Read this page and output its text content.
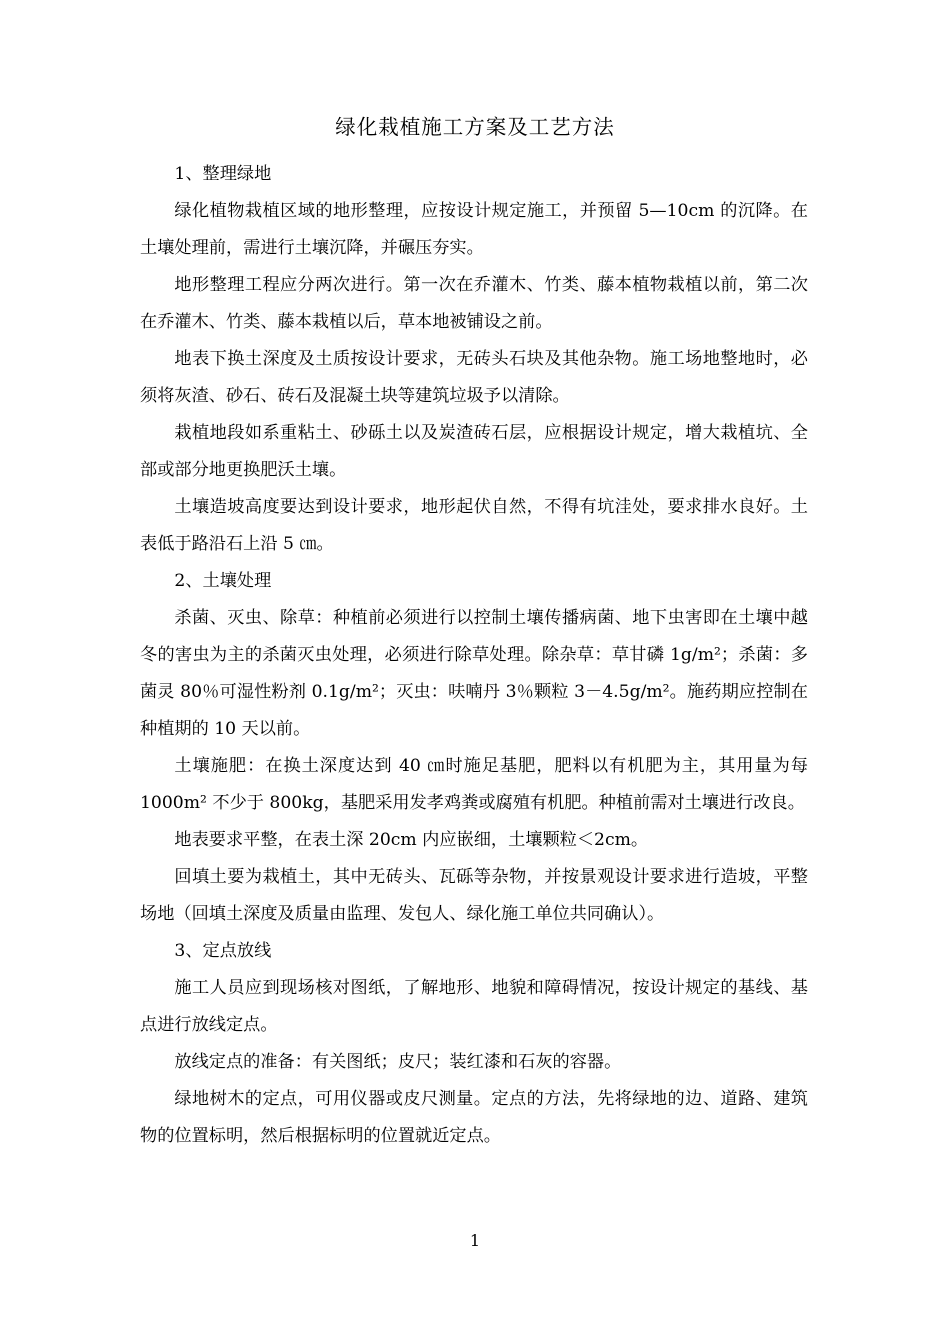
绿化栽植施工方案及工艺方法

1、整理绿地

绿化植物栽植区域的地形整理，应按设计规定施工，并预留 5—10cm 的沉降。在土壤处理前，需进行土壤沉降，并碾压夯实。

地形整理工程应分两次进行。第一次在乔灌木、竹类、藤本植物栽植以前，第二次在乔灌木、竹类、藤本栽植以后，草本地被铺设之前。

地表下换土深度及土质按设计要求，无砖头石块及其他杂物。施工场地整地时，必须将灰渣、砂石、砖石及混凝土块等建筑垃圾予以清除。

栽植地段如系重粘土、砂砾土以及炭渣砖石层，应根据设计规定，增大栽植坑、全部或部分地更换肥沃土壤。

土壤造坡高度要达到设计要求，地形起伏自然，不得有坑洼处，要求排水良好。土表低于路沿石上沿 5 ㎝。

2、土壤处理

杀菌、灭虫、除草：种植前必须进行以控制土壤传播病菌、地下虫害即在土壤中越冬的害虫为主的杀菌灭虫处理，必须进行除草处理。除杂草：草甘磷 1g/m²；杀菌：多菌灵 80％可湿性粉剂 0.1g/m²；灭虫：呋喃丹 3％颗粒 3－4.5g/m²。施药期应控制在种植期的 10 天以前。

土壤施肥：在换土深度达到 40 ㎝时施足基肥，肥料以有机肥为主，其用量为每 1000m² 不少于 800kg，基肥采用发孝鸡粪或腐殖有机肥。种植前需对土壤进行改良。

地表要求平整，在表土深 20cm 内应嵌细，土壤颗粒＜2cm。

回填土要为栽植土，其中无砖头、瓦砾等杂物，并按景观设计要求进行造坡，平整场地（回填土深度及质量由监理、发包人、绿化施工单位共同确认）。

3、定点放线

施工人员应到现场核对图纸，了解地形、地貌和障碍情况，按设计规定的基线、基点进行放线定点。

放线定点的准备：有关图纸；皮尺；装红漆和石灰的容器。

绿地树木的定点，可用仪器或皮尺测量。定点的方法，先将绿地的边、道路、建筑物的位置标明，然后根据标明的位置就近定点。

1
